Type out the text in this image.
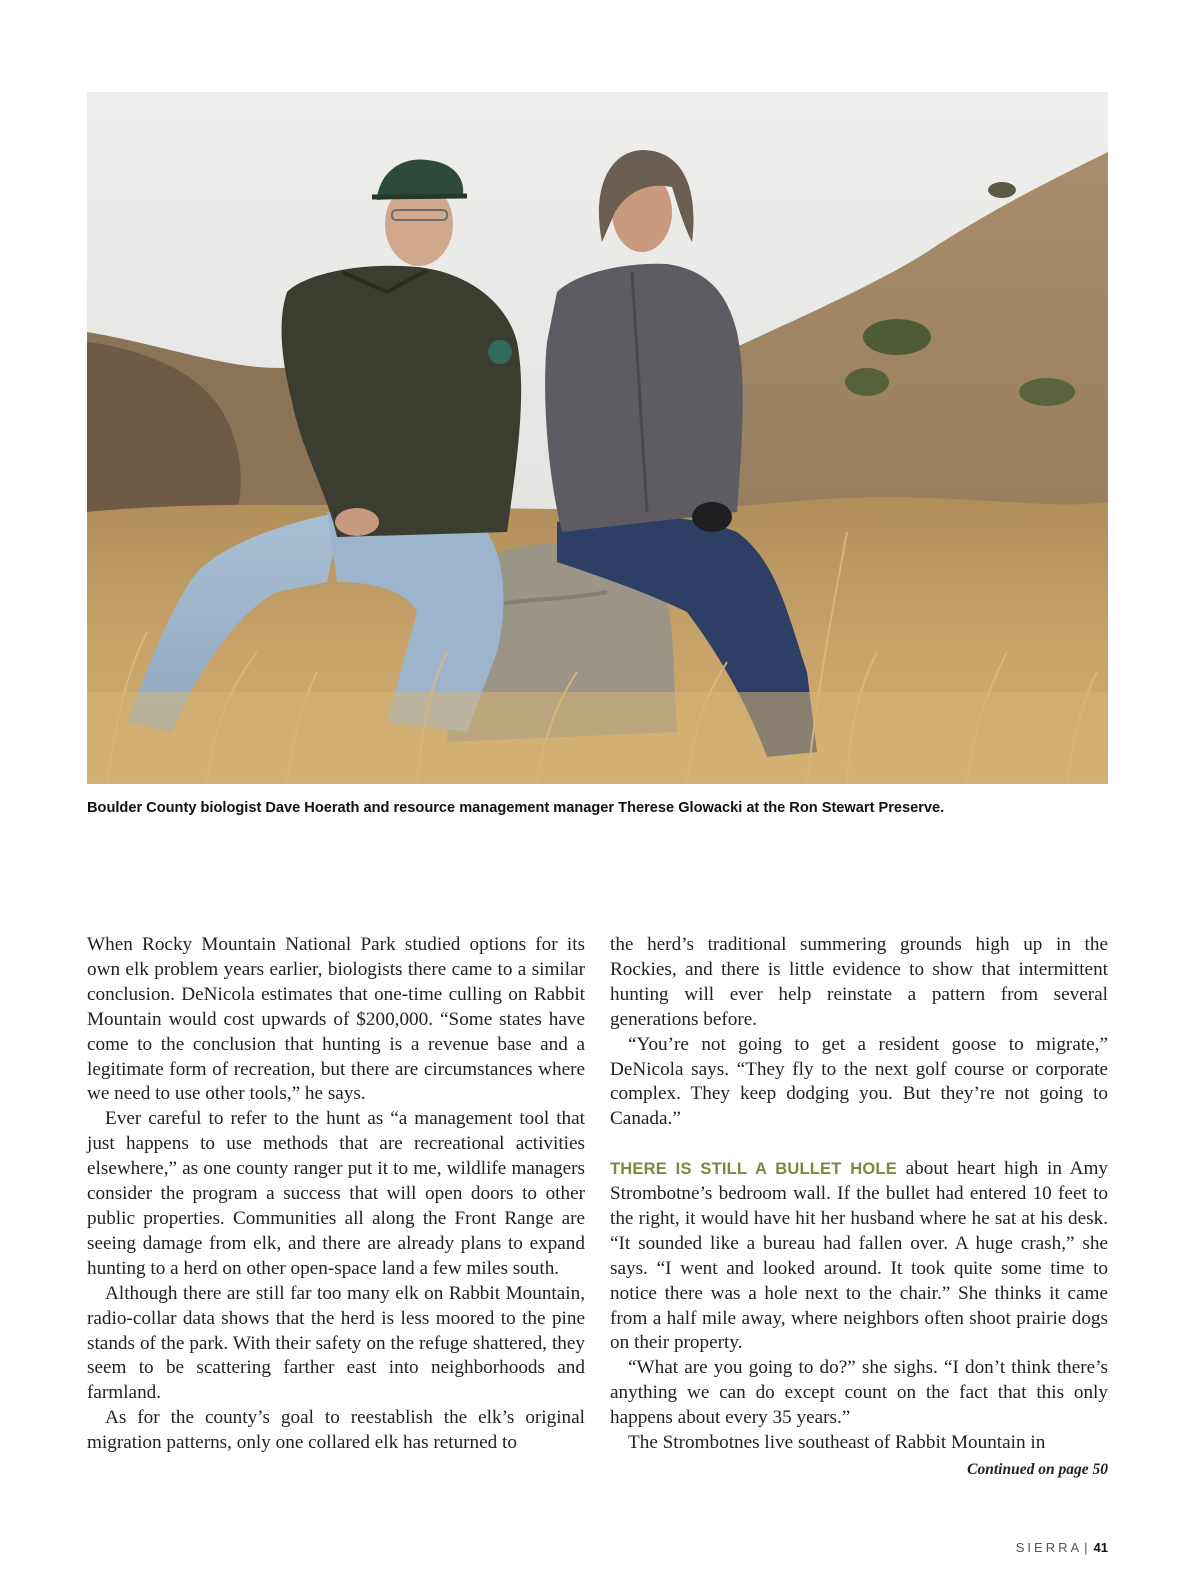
Boulder County biologist Dave Hoerath and resource management manager Therese Glowacki at the Ron Stewart Preserve.

When Rocky Mountain National Park studied options for its own elk problem years earlier, biologists there came to a similar conclusion. DeNicola estimates that one-time culling on Rabbit Mountain would cost upwards of $200,000. “Some states have come to the conclusion that hunting is a revenue base and a legitimate form of recreation, but there are circumstances where we need to use other tools,” he says.

Ever careful to refer to the hunt as “a management tool that just happens to use methods that are recreational activities elsewhere,” as one county ranger put it to me, wildlife managers consider the program a success that will open doors to other public properties. Communities all along the Front Range are seeing damage from elk, and there are already plans to expand hunting to a herd on other open-space land a few miles south.

Although there are still far too many elk on Rabbit Mountain, radio-collar data shows that the herd is less moored to the pine stands of the park. With their safety on the refuge shattered, they seem to be scattering farther east into neighborhoods and farmland.

As for the county’s goal to reestablish the elk’s original migration patterns, only one collared elk has returned to

the herd’s traditional summering grounds high up in the Rockies, and there is little evidence to show that intermittent hunting will ever help reinstate a pattern from several generations before.

“You’re not going to get a resident goose to migrate,” DeNicola says. “They fly to the next golf course or corporate complex. They keep dodging you. But they’re not going to Canada.”

THERE IS STILL A BULLET HOLE about heart high in Amy Strombotne’s bedroom wall. If the bullet had entered 10 feet to the right, it would have hit her husband where he sat at his desk. “It sounded like a bureau had fallen over. A huge crash,” she says. “I went and looked around. It took quite some time to notice there was a hole next to the chair.” She thinks it came from a half mile away, where neighbors often shoot prairie dogs on their property.

“What are you going to do?” she sighs. “I don’t think there’s anything we can do except count on the fact that this only happens about every 35 years.”

The Strombotnes live southeast of Rabbit Mountain in

Continued on page 50
SIERRA | 41
